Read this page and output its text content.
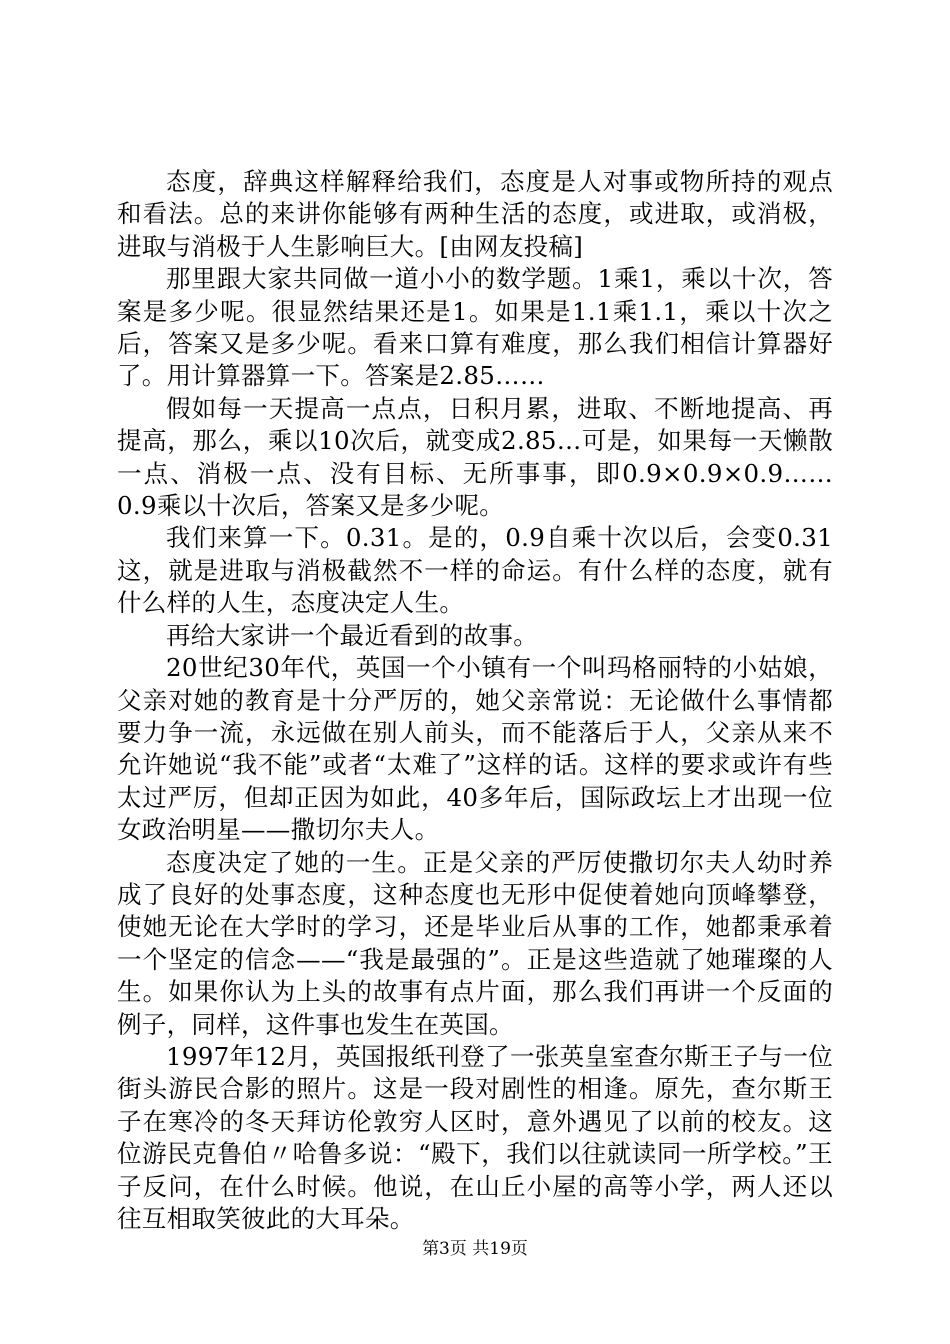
态度，辞典这样解释给我们，态度是人对事或物所持的观点和看法。总的来讲你能够有两种生活的态度，或进取，或消极，进取与消极于人生影响巨大。[由网友投稿]

那里跟大家共同做一道小小的数学题。1乘1，乘以十次，答案是多少呢。很显然结果还是1。如果是1.1乘1.1，乘以十次之后，答案又是多少呢。看来口算有难度，那么我们相信计算器好了。用计算器算一下。答案是2.85……

假如每一天提高一点点，日积月累，进取、不断地提高、再提高，那么，乘以10次后，就变成2.85…可是，如果每一天懒散一点、消极一点、没有目标、无所事事，即0.9×0.9×0.9……0.9乘以十次后，答案又是多少呢。

我们来算一下。0.31。是的，0.9自乘十次以后，会变0.31这，就是进取与消极截然不一样的命运。有什么样的态度，就有什么样的人生，态度决定人生。

再给大家讲一个最近看到的故事。

20世纪30年代，英国一个小镇有一个叫玛格丽特的小姑娘，父亲对她的教育是十分严厉的，她父亲常说：无论做什么事情都要力争一流，永远做在别人前头，而不能落后于人，父亲从来不允许她说“我不能”或者“太难了”这样的话。这样的要求或许有些太过严厉，但却正因为如此，40多年后，国际政坛上才出现一位女政治明星——撒切尔夫人。

态度决定了她的一生。正是父亲的严厉使撒切尔夫人幼时养成了良好的处事态度，这种态度也无形中促使着她向顶峰攀登，使她无论在大学时的学习，还是毕业后从事的工作，她都秉承着一个坚定的信念——“我是最强的”。正是这些造就了她璀璨的人生。如果你认为上头的故事有点片面，那么我们再讲一个反面的例子，同样，这件事也发生在英国。

1997年12月，英国报纸刊登了一张英皇室查尔斯王子与一位街头游民合影的照片。这是一段对剧性的相逢。原先，查尔斯王子在寒冷的冬天拜访伦敦穷人区时，意外遇见了以前的校友。这位游民克鲁伯〃哈鲁多说：“殿下，我们以往就读同一所学校。”王子反问，在什么时候。他说，在山丘小屋的高等小学，两人还以往互相取笑彼此的大耳朵。

第3页 共19页
